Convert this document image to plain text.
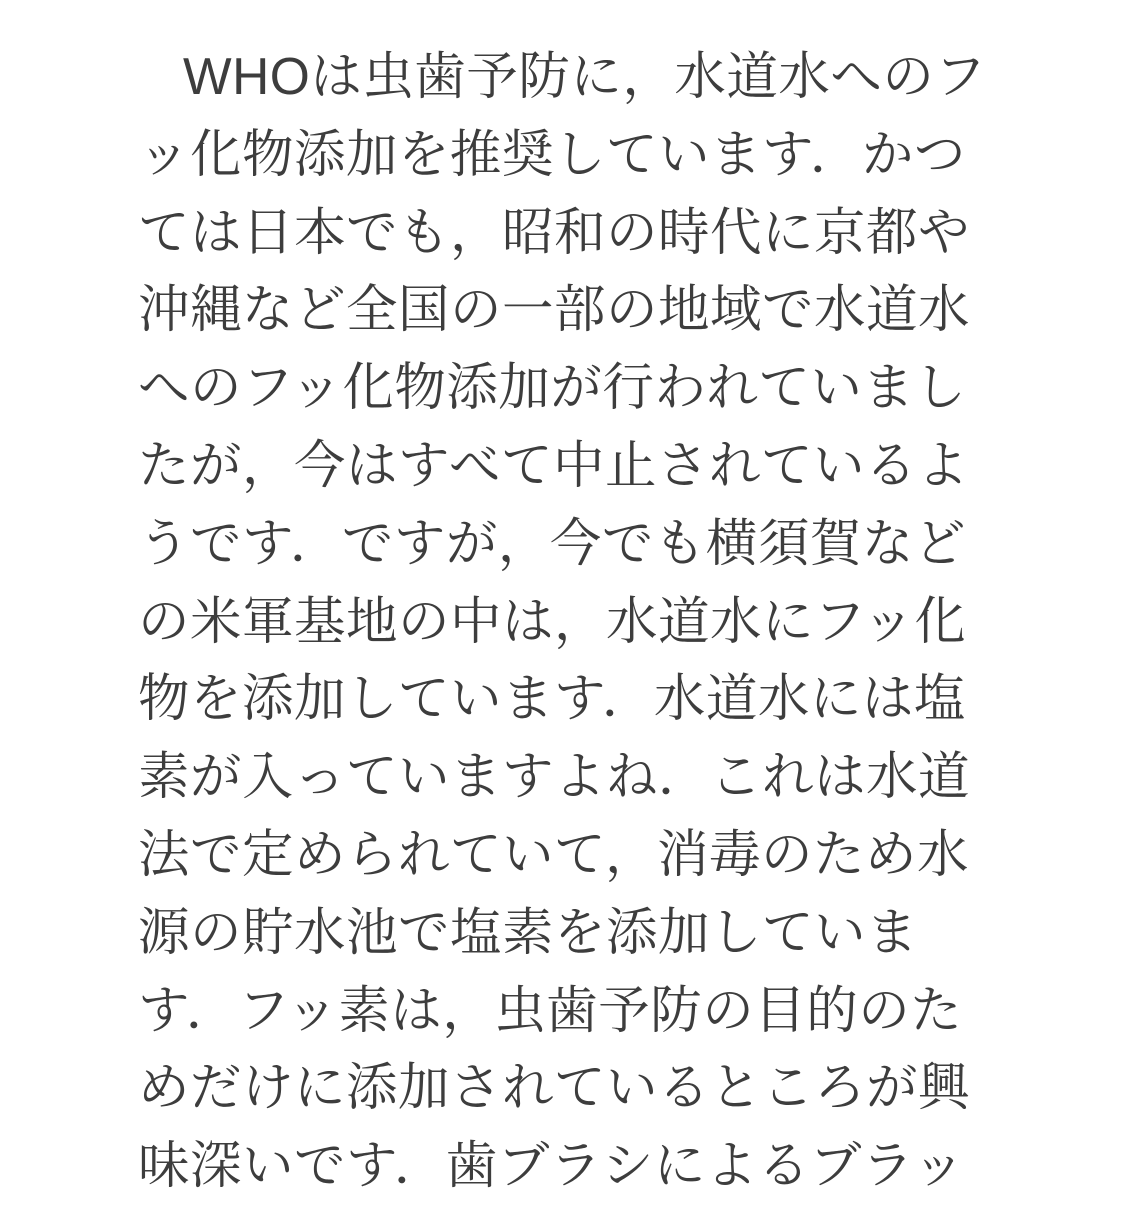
WHOは虫歯予防に，水道水へのフ
ッ化物添加を推奨しています．かつ
ては日本でも，昭和の時代に京都や
沖縄など全国の一部の地域で水道水
へのフッ化物添加が行われていまし
たが，今はすべて中止されているよ
うです．ですが，今でも横須賀など
の米軍基地の中は，水道水にフッ化
物を添加しています．水道水には塩
素が入っていますよね．これは水道
法で定められていて，消毒のため水
源の貯水池で塩素を添加していま
す．フッ素は，虫歯予防の目的のた
めだけに添加されているところが興
味深いです．歯ブラシによるブラッ
